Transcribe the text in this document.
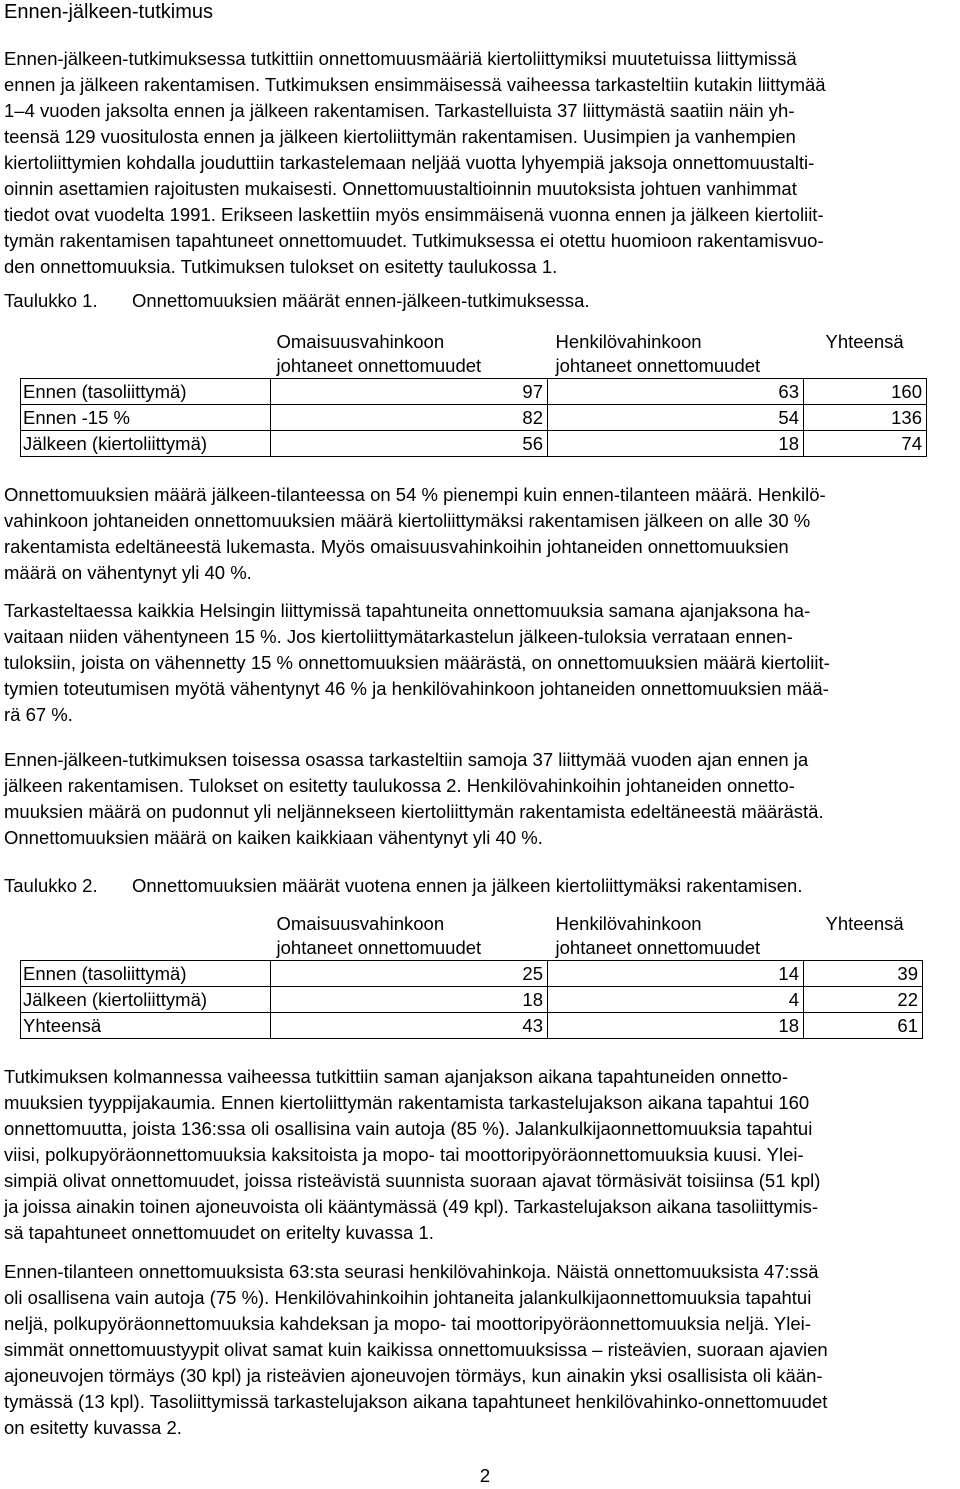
Ennen-jälkeen-tutkimus
Ennen-jälkeen-tutkimuksessa tutkittiin onnettomuusmääriä kiertoliittymiksi muutetuissa liittymissä
ennen ja jälkeen rakentamisen. Tutkimuksen ensimmäisessä vaiheessa tarkasteltiin kutakin liittymää
1–4 vuoden jaksolta ennen ja jälkeen rakentamisen. Tarkastelluista 37 liittymästä saatiin näin yh-
teensä 129 vuositulosta ennen ja jälkeen kiertoliittymän rakentamisen. Uusimpien ja vanhempien
kiertoliittymien kohdalla jouduttiin tarkastelemaan neljää vuotta lyhyempiä jaksoja onnettomuustalti-
oinnin asettamien rajoitusten mukaisesti. Onnettomuustaltioinnin muutoksista johtuen vanhimmat
tiedot ovat vuodelta 1991. Erikseen laskettiin myös ensimmäisenä vuonna ennen ja jälkeen kiertoliit-
tymän rakentamisen tapahtuneet onnettomuudet. Tutkimuksessa ei otettu huomioon rakentamisvuo-
den onnettomuuksia. Tutkimuksen tulokset on esitetty taulukossa 1.
Taulukko 1. Onnettomuuksien määrät ennen-jälkeen-tutkimuksessa.
	Omaisuusvahinkoon
johtaneet onnettomuudet	Henkilövahinkoon
johtaneet onnettomuudet	Yhteensä
Ennen (tasoliittymä)	97	63	160
Ennen -15 %	82	54	136
Jälkeen (kiertoliittymä)	56	18	74
Onnettomuuksien määrä jälkeen-tilanteessa on 54 % pienempi kuin ennen-tilanteen määrä. Henkilö-
vahinkoon johtaneiden onnettomuuksien määrä kiertoliittymäksi rakentamisen jälkeen on alle 30 %
rakentamista edeltäneestä lukemasta. Myös omaisuusvahinkoihin johtaneiden onnettomuuksien
määrä on vähentynyt yli 40 %.
Tarkasteltaessa kaikkia Helsingin liittymissä tapahtuneita onnettomuuksia samana ajanjaksona ha-
vaitaan niiden vähentyneen 15 %. Jos kiertoliittymätarkastelun jälkeen-tuloksia verrataan ennen-
tuloksiin, joista on vähennetty 15 % onnettomuuksien määrästä, on onnettomuuksien määrä kiertoliit-
tymien toteutumisen myötä vähentynyt 46 % ja henkilövahinkoon johtaneiden onnettomuuksien mää-
rä 67 %.
Ennen-jälkeen-tutkimuksen toisessa osassa tarkasteltiin samoja 37 liittymää vuoden ajan ennen ja
jälkeen rakentamisen. Tulokset on esitetty taulukossa 2. Henkilövahinkoihin johtaneiden onnetto-
muuksien määrä on pudonnut yli neljännekseen kiertoliittymän rakentamista edeltäneestä määrästä.
Onnettomuuksien määrä on kaiken kaikkiaan vähentynyt yli 40 %.
Taulukko 2. Onnettomuuksien määrät vuotena ennen ja jälkeen kiertoliittymäksi rakentamisen.
	Omaisuusvahinkoon
johtaneet onnettomuudet	Henkilövahinkoon
johtaneet onnettomuudet	Yhteensä
Ennen (tasoliittymä)	25	14	39
Jälkeen (kiertoliittymä)	18	4	22
Yhteensä	43	18	61
Tutkimuksen kolmannessa vaiheessa tutkittiin saman ajanjakson aikana tapahtuneiden onnetto-
muuksien tyyppijakaumia. Ennen kiertoliittymän rakentamista tarkastelujakson aikana tapahtui 160
onnettomuutta, joista 136:ssa oli osallisina vain autoja (85 %). Jalankulkijaonnettomuuksia tapahtui
viisi, polkupyöräonnettomuuksia kaksitoista ja mopo- tai moottoripyöräonnettomuuksia kuusi. Ylei-
simpiä olivat onnettomuudet, joissa risteävistä suunnista suoraan ajavat törmäsivät toisiinsa (51 kpl)
ja joissa ainakin toinen ajoneuvoista oli kääntymässä (49 kpl). Tarkastelujakson aikana tasoliittymis-
sä tapahtuneet onnettomuudet on eritelty kuvassa 1.
Ennen-tilanteen onnettomuuksista 63:sta seurasi henkilövahinkoja. Näistä onnettomuuksista 47:ssä
oli osallisena vain autoja (75 %). Henkilövahinkoihin johtaneita jalankulkijaonnettomuuksia tapahtui
neljä, polkupyöräonnettomuuksia kahdeksan ja mopo- tai moottoripyöräonnettomuuksia neljä. Ylei-
simmät onnettomuustyypit olivat samat kuin kaikissa onnettomuuksissa – risteävien, suoraan ajavien
ajoneuvojen törmäys (30 kpl) ja risteävien ajoneuvojen törmäys, kun ainakin yksi osallisista oli kään-
tymässä (13 kpl). Tasoliittymissä tarkastelujakson aikana tapahtuneet henkilövahinko-onnettomuudet
on esitetty kuvassa 2.
2
